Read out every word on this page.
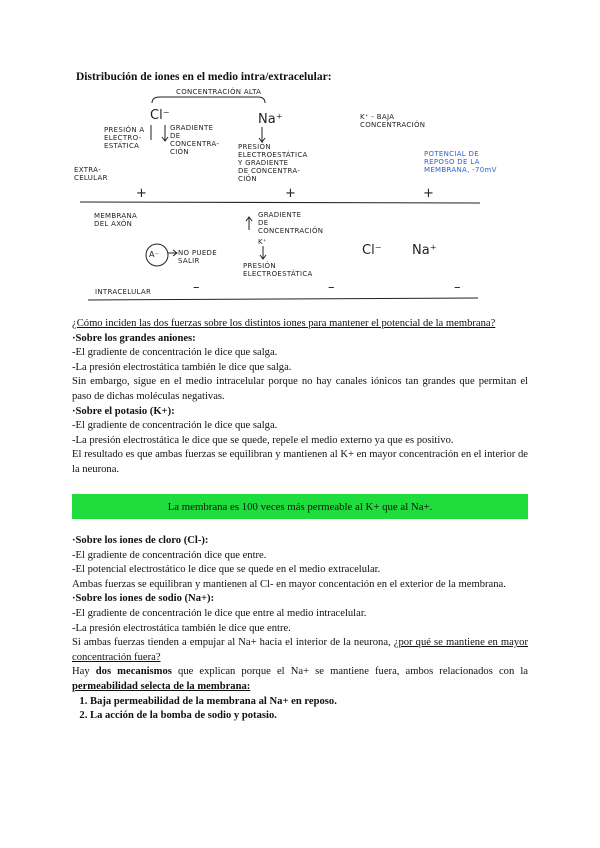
Distribución de iones en el medio intra/extracelular:
CONCENTRACIÓN ALTA
Cl⁻	Na⁺	K⁺ - BAJA
CONCENTRACIÓN
PRESIÓN A
ELECTRO-
ESTÁTICA
GRADIENTE
DE
CONCENTRA-
CIÓN
PRESIÓN
ELECTROESTÁTICA
Y GRADIENTE
DE CONCENTRA-
CIÓN
POTENCIAL DE
REPOSO DE LA
MEMBRANA, -70mV
EXTRA-
CELULAR
+	+	+
MEMBRANA
DEL AXÓN
GRADIENTE
DE
CONCENTRACIÓN
K⁺
PRESIÓN
ELECTROESTÁTICA
A⁻	NO PUEDE
SALIR
Cl⁻ Na⁺
INTRACELULAR	–	–	–
¿Cómo inciden las dos fuerzas sobre los distintos iones para mantener el potencial de la membrana?
·Sobre los grandes aniones:
-El gradiente de concentración le dice que salga.
-La presión electrostática también le dice que salga.
Sin embargo, sigue en el medio intracelular porque no hay canales iónicos tan grandes que permitan el paso de dichas moléculas negativas.
·Sobre el potasio (K+):
-El gradiente de concentración le dice que salga.
-La presión electrostática le dice que se quede, repele el medio externo ya que es positivo.
El resultado es que ambas fuerzas se equilibran y mantienen al K+ en mayor concentración en el interior de la neurona.
La membrana es 100 veces más permeable al K+ que al Na+.
·Sobre los iones de cloro (Cl-):
-El gradiente de concentración dice que entre.
-El potencial electrostático le dice que se quede en el medio extracelular.
Ambas fuerzas se equilibran y mantienen al Cl- en mayor concentación en el exterior de la membrana.
·Sobre los iones de sodio (Na+):
-El gradiente de concentración le dice que entre al medio intracelular.
-La presión electrostática también le dice que entre.
Si ambas fuerzas tienden a empujar al Na+ hacia el interior de la neurona, ¿por qué se mantiene en mayor concentración fuera?
Hay dos mecanismos que explican porque el Na+ se mantiene fuera, ambos relacionados con la permeabilidad selecta de la membrana:
1. Baja permeabilidad de la membrana al Na+ en reposo.
2. La acción de la bomba de sodio y potasio.
